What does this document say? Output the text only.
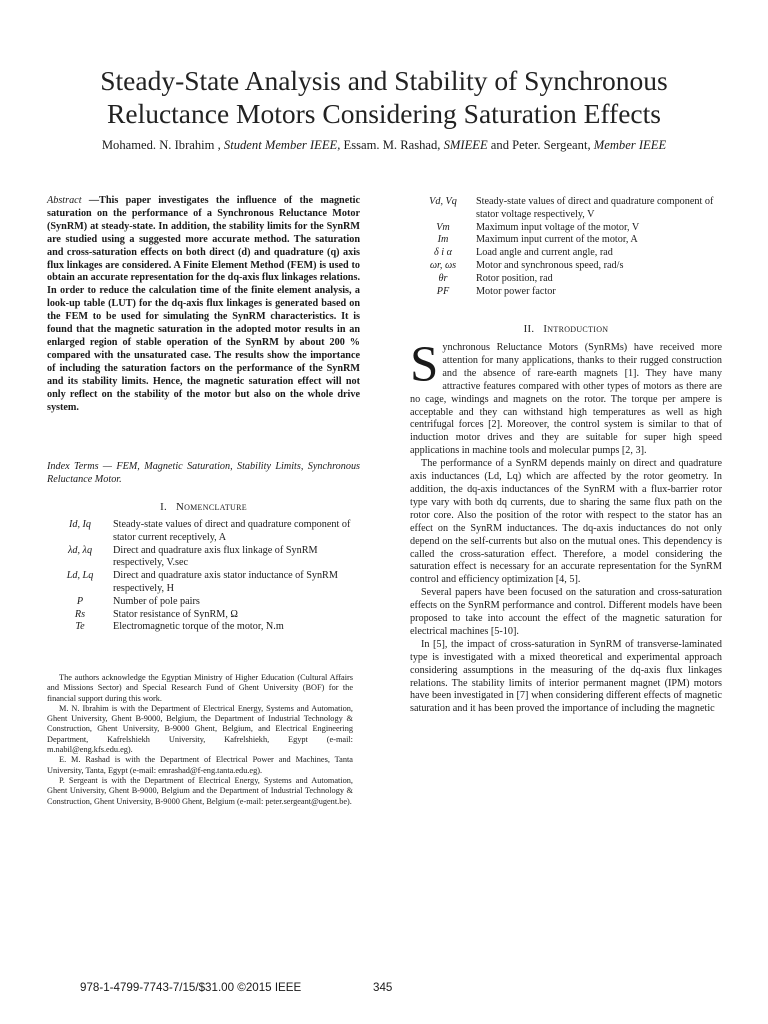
Steady-State Analysis and Stability of Synchronous
Reluctance Motors Considering Saturation Effects
Mohamed. N. Ibrahim , Student Member IEEE, Essam. M. Rashad, SMIEEE and Peter. Sergeant, Member IEEE
Abstract —This paper investigates the influence of the magnetic saturation on the performance of a Synchronous Reluctance Motor (SynRM) at steady-state. In addition, the stability limits for the SynRM are studied using a suggested more accurate method. The saturation and cross-saturation effects on both direct (d) and quadrature (q) axis flux linkages are considered. A Finite Element Method (FEM) is used to obtain an accurate representation for the dq-axis flux linkages relations. In order to reduce the calculation time of the finite element analysis, a look-up table (LUT) for the dq-axis flux linkages is generated based on the FEM to be used for simulating the SynRM characteristics. It is found that the magnetic saturation in the adopted motor results in an enlarged region of stable operation of the SynRM by about 200 % compared with the unsaturated case. The results show the importance of including the saturation factors on the performance of the SynRM and its stability limits. Hence, the magnetic saturation effect will not only reflect on the stability of the motor but also on the whole drive system.
Index Terms — FEM, Magnetic Saturation, Stability Limits, Synchronous Reluctance Motor.
I. Nomenclature
Id, Iq	Steady-state values of direct and quadrature component of stator current receptively, A
λd, λq	Direct and quadrature axis flux linkage of SynRM respectively, V.sec
Ld, Lq	Direct and quadrature axis stator inductance of SynRM respectively, H
P	Number of pole pairs
Rs	Stator resistance of SynRM, Ω
Te	Electromagnetic torque of the motor, N.m
Vd, Vq	Steady-state values of direct and quadrature component of stator voltage respectively, V
Vm	Maximum input voltage of the motor, V
Im	Maximum input current of the motor, A
δ i α	Load angle and current angle, rad
ωr, ωs	Motor and synchronous speed, rad/s
θr	Rotor position, rad
PF	Motor power factor

The authors acknowledge the Egyptian Ministry of Higher Education (Cultural Affairs and Missions Sector) and Special Research Fund of Ghent University (BOF) for the financial support during this work.

M. N. Ibrahim is with the Department of Electrical Energy, Systems and Automation, Ghent University, Ghent B-9000, Belgium, the Department of Industrial Technology & Construction, Ghent University, B-9000 Ghent, Belgium, and Electrical Engineering Department, Kafrelshiekh University, Kafrelshiekh, Egypt (e-mail: m.nabil@eng.kfs.edu.eg).

E. M. Rashad is with the Department of Electrical Power and Machines, Tanta University, Tanta, Egypt (e-mail: emrashad@f-eng.tanta.edu.eg).

P. Sergeant is with the Department of Electrical Energy, Systems and Automation, Ghent University, Ghent B-9000, Belgium and the Department of Industrial Technology & Construction, Ghent University, B-9000 Ghent, Belgium (e-mail: peter.sergeant@ugent.be).

II. Introduction

Synchronous Reluctance Motors (SynRMs) have received more attention for many applications, thanks to their rugged construction and the absence of rare-earth magnets [1]. They have many attractive features compared with other types of motors as there are no cage, windings and magnets on the rotor. The torque per ampere is acceptable and they can withstand high temperatures as well as high centrifugal forces [2]. Moreover, the control system is similar to that of induction motor drives and they are suitable for super high speed applications in machine tools and molecular pumps [2, 3].

The performance of a SynRM depends mainly on direct and quadrature axis inductances (Ld, Lq) which are affected by the rotor geometry. In addition, the dq-axis inductances of the SynRM with a flux-barrier rotor type vary with both dq currents, due to sharing the same flux path on the rotor core. Also the position of the rotor with respect to the stator has an effect on the SynRM inductances. The dq-axis inductances do not only depend on the self-currents but also on the mutual ones. This dependency is called the cross-saturation effect. Therefore, a model considering the saturation effect is necessary for an accurate representation for the SynRM control and efficiency optimization [4, 5].

Several papers have been focused on the saturation and cross-saturation effects on the SynRM performance and control. Different models have been proposed to take into account the effect of the magnetic saturation for electrical machines [5-10].

In [5], the impact of cross-saturation in SynRM of transverse-laminated type is investigated with a mixed theoretical and experimental approach considering assumptions in the measuring of the dq-axis flux linkages relations. The stability limits of interior permanent magnet (IPM) motors have been investigated in [7] when considering different effects of magnetic saturation and it has been proved the importance of including the magnetic

978-1-4799-7743-7/15/$31.00 ©2015 IEEE	345
